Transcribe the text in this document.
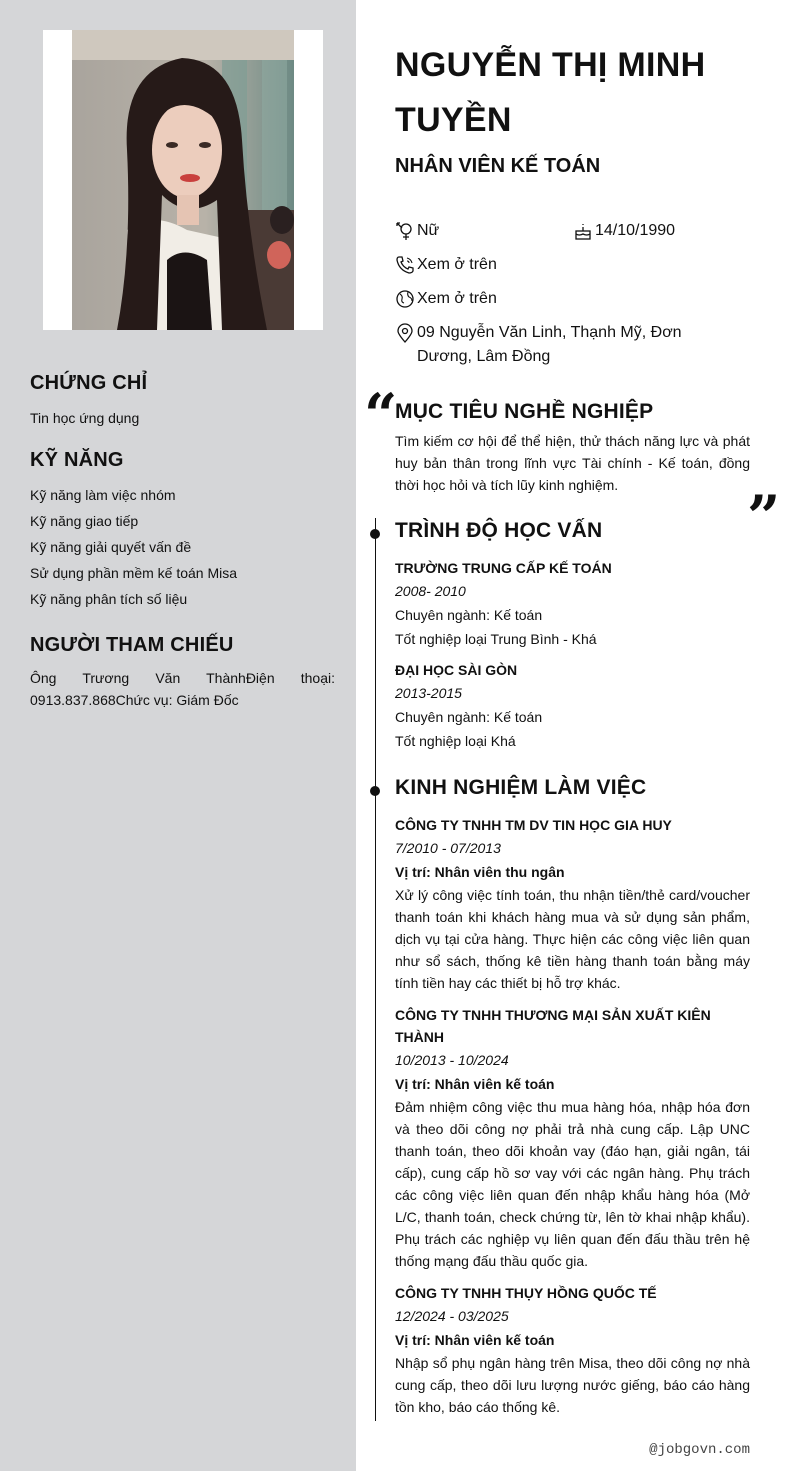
CHỨNG CHỈ
Tin học ứng dụng
KỸ NĂNG
Kỹ năng làm việc nhóm
Kỹ năng giao tiếp
Kỹ năng giải quyết vấn đề
Sử dụng phần mềm kế toán Misa
Kỹ năng phân tích số liệu
NGƯỜI THAM CHIẾU
Ông Trương Văn ThànhĐiện thoại: 0913.837.868Chức vụ: Giám Đốc
NGUYỄN THỊ MINH TUYỀN
NHÂN VIÊN KẾ TOÁN
Nữ	14/10/1990
Xem ở trên
Xem ở trên
09 Nguyễn Văn Linh, Thạnh Mỹ, Đơn Dương, Lâm Đồng
“
”
MỤC TIÊU NGHỀ NGHIỆP
Tìm kiếm cơ hội để thể hiện, thử thách năng lực và phát huy bản thân trong lĩnh vực Tài chính - Kế toán, đồng thời học hỏi và tích lũy kinh nghiệm.
TRÌNH ĐỘ HỌC VẤN
TRƯỜNG TRUNG CẤP KẾ TOÁN
2008- 2010
Chuyên ngành: Kế toán
Tốt nghiệp loại Trung Bình - Khá
ĐẠI HỌC SÀI GÒN
2013-2015
Chuyên ngành: Kế toán
Tốt nghiệp loại Khá
KINH NGHIỆM LÀM VIỆC
CÔNG TY TNHH TM DV TIN HỌC GIA HUY
7/2010 - 07/2013
Vị trí: Nhân viên thu ngân
Xử lý công việc tính toán, thu nhận tiền/thẻ card/voucher thanh toán khi khách hàng mua và sử dụng sản phẩm, dịch vụ tại cửa hàng. Thực hiện các công việc liên quan như sổ sách, thống kê tiền hàng thanh toán bằng máy tính tiền hay các thiết bị hỗ trợ khác.
CÔNG TY TNHH THƯƠNG MẠI SẢN XUẤT KIÊN THÀNH
10/2013 - 10/2024
Vị trí: Nhân viên kế toán
Đảm nhiệm công việc thu mua hàng hóa, nhập hóa đơn và theo dõi công nợ phải trả nhà cung cấp. Lập UNC thanh toán, theo dõi khoản vay (đáo hạn, giải ngân, tái cấp), cung cấp hồ sơ vay với các ngân hàng. Phụ trách các công việc liên quan đến nhập khẩu hàng hóa (Mở L/C, thanh toán, check chứng từ, lên tờ khai nhập khẩu). Phụ trách các nghiệp vụ liên quan đến đấu thầu trên hệ thống mạng đấu thầu quốc gia.
CÔNG TY TNHH THỤY HỒNG QUỐC TẾ
12/2024 - 03/2025
Vị trí: Nhân viên kế toán
Nhập sổ phụ ngân hàng trên Misa, theo dõi công nợ nhà cung cấp, theo dõi lưu lượng nước giếng, báo cáo hàng tồn kho, báo cáo thống kê.
@jobgovn.com
